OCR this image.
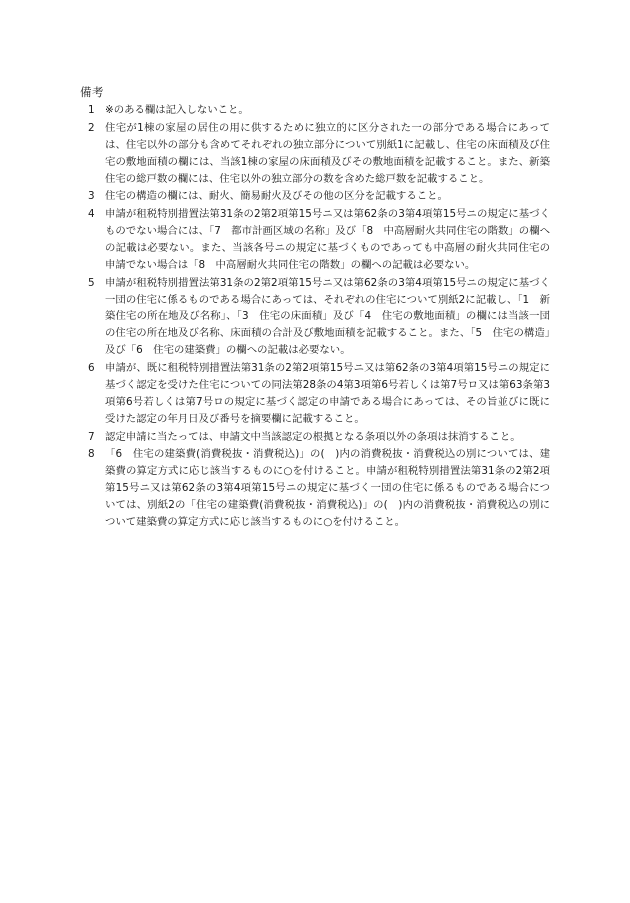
備考
1 ※のある欄は記入しないこと。
2 住宅が1棟の家屋の居住の用に供するために独立的に区分された一の部分である場合にあっては、住宅以外の部分も含めてそれぞれの独立部分について別紙1に記載し、住宅の床面積及び住宅の敷地面積の欄には、当該1棟の家屋の床面積及びその敷地面積を記載すること。また、新築住宅の総戸数の欄には、住宅以外の独立部分の数を含めた総戸数を記載すること。
3 住宅の構造の欄には、耐火、簡易耐火及びその他の区分を記載すること。
4 申請が租税特別措置法第31条の2第2項第15号ニ又は第62条の3第4項第15号ニの規定に基づくものでない場合には、「7　都市計画区域の名称」及び「8　中高層耐火共同住宅の階数」の欄への記載は必要ない。また、当該各号ニの規定に基づくものであっても中高層の耐火共同住宅の申請でない場合は「8　中高層耐火共同住宅の階数」の欄への記載は必要ない。
5 申請が租税特別措置法第31条の2第2項第15号ニ又は第62条の3第4項第15号ニの規定に基づく一団の住宅に係るものである場合にあっては、それぞれの住宅について別紙2に記載し、「1　新築住宅の所在地及び名称」、「3　住宅の床面積」及び「4　住宅の敷地面積」の欄には当該一団の住宅の所在地及び名称、床面積の合計及び敷地面積を記載すること。また、「5　住宅の構造」及び「6　住宅の建築費」の欄への記載は必要ない。
6 申請が、既に租税特別措置法第31条の2第2項第15号ニ又は第62条の3第4項第15号ニの規定に基づく認定を受けた住宅についての同法第28条の4第3項第6号若しくは第7号ロ又は第63条第3項第6号若しくは第7号ロの規定に基づく認定の申請である場合にあっては、その旨並びに既に受けた認定の年月日及び番号を摘要欄に記載すること。
7 認定申請に当たっては、申請文中当該認定の根拠となる条項以外の条項は抹消すること。
8 「6　住宅の建築費(消費税抜・消費税込)」の(　)内の消費税抜・消費税込の別については、建築費の算定方式に応じ該当するものに○を付けること。申請が租税特別措置法第31条の2第2項第15号ニ又は第62条の3第4項第15号ニの規定に基づく一団の住宅に係るものである場合については、別紙2の「住宅の建築費(消費税抜・消費税込)」の(　)内の消費税抜・消費税込の別について建築費の算定方式に応じ該当するものに○を付けること。
